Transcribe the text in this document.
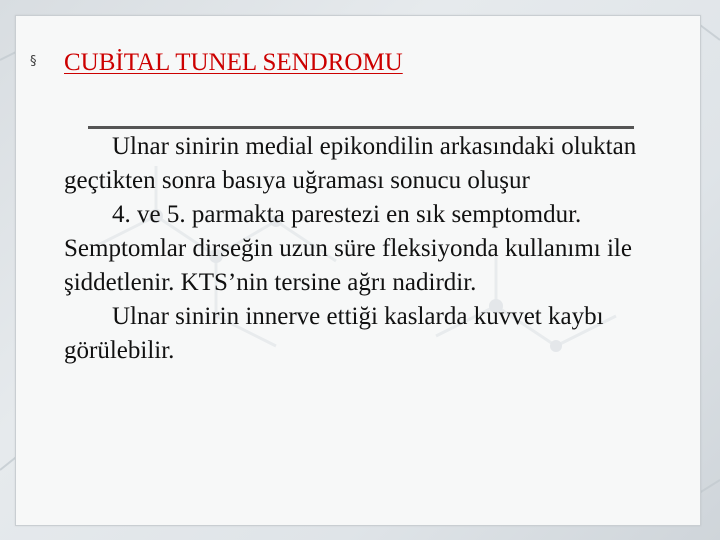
§ CUBİTAL TUNEL SENDROMU

Ulnar sinirin medial epikondilin arkasındaki oluktan geçtikten sonra basıya uğraması sonucu oluşur

4. ve 5. parmakta parestezi en sık semptomdur. Semptomlar dirseğin uzun süre fleksiyonda kullanımı ile şiddetlenir. KTS’nin tersine ağrı nadirdir.

Ulnar sinirin innerve ettiği kaslarda kuvvet kaybı görülebilir.
